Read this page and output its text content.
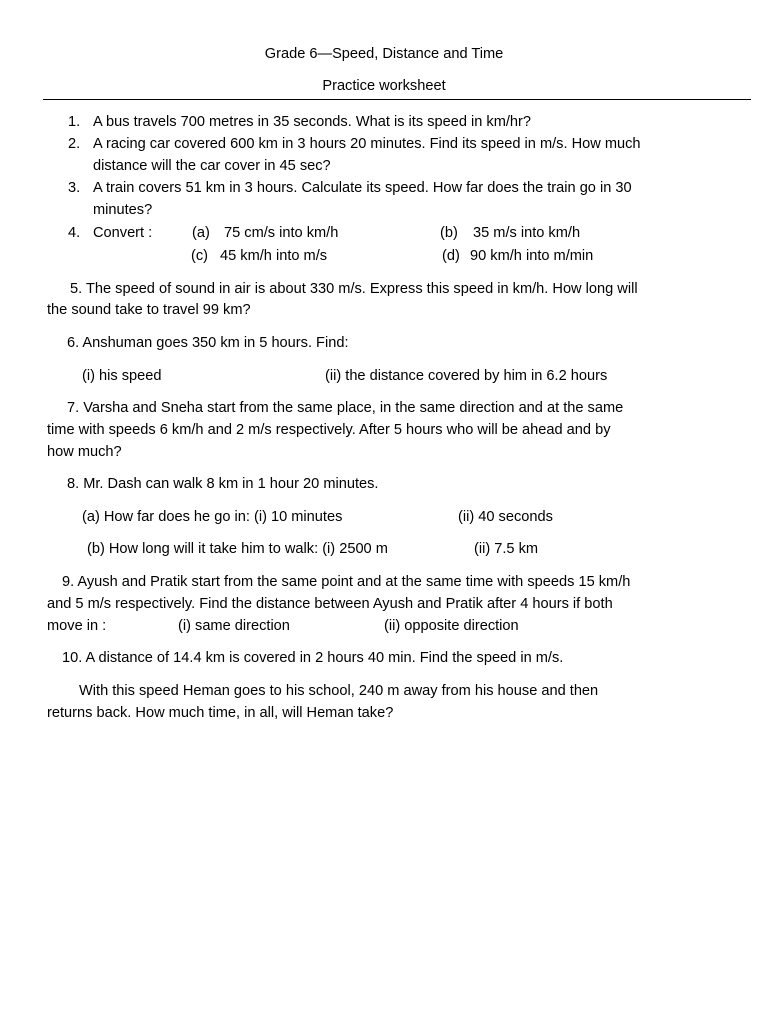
Grade 6—Speed, Distance and Time
Practice worksheet
1. A bus travels 700 metres in 35 seconds. What is its speed in km/hr?
2. A racing car covered 600 km in 3 hours 20 minutes. Find its speed in m/s. How much
distance will the car cover in 45 sec?
3. A train covers 51 km in 3 hours. Calculate its speed. How far does the train go in 30
minutes?
4. Convert :	(a) 75 cm/s into km/h	(b) 35 m/s into km/h
(c) 45 km/h into m/s	(d) 90 km/h into m/min
5. The speed of sound in air is about 330 m/s. Express this speed in km/h. How long will
the sound take to travel 99 km?
6. Anshuman goes 350 km in 5 hours. Find:
(i) his speed	(ii) the distance covered by him in 6.2 hours
7. Varsha and Sneha start from the same place, in the same direction and at the same
time with speeds 6 km/h and 2 m/s respectively. After 5 hours who will be ahead and by
how much?
8. Mr. Dash can walk 8 km in 1 hour 20 minutes.
(a) How far does he go in: (i) 10 minutes	(ii) 40 seconds
(b) How long will it take him to walk: (i) 2500 m	(ii) 7.5 km
9. Ayush and Pratik start from the same point and at the same time with speeds 15 km/h
and 5 m/s respectively. Find the distance between Ayush and Pratik after 4 hours if both
move in :	(i) same direction	(ii) opposite direction
10. A distance of 14.4 km is covered in 2 hours 40 min. Find the speed in m/s.
With this speed Heman goes to his school, 240 m away from his house and then
returns back. How much time, in all, will Heman take?
